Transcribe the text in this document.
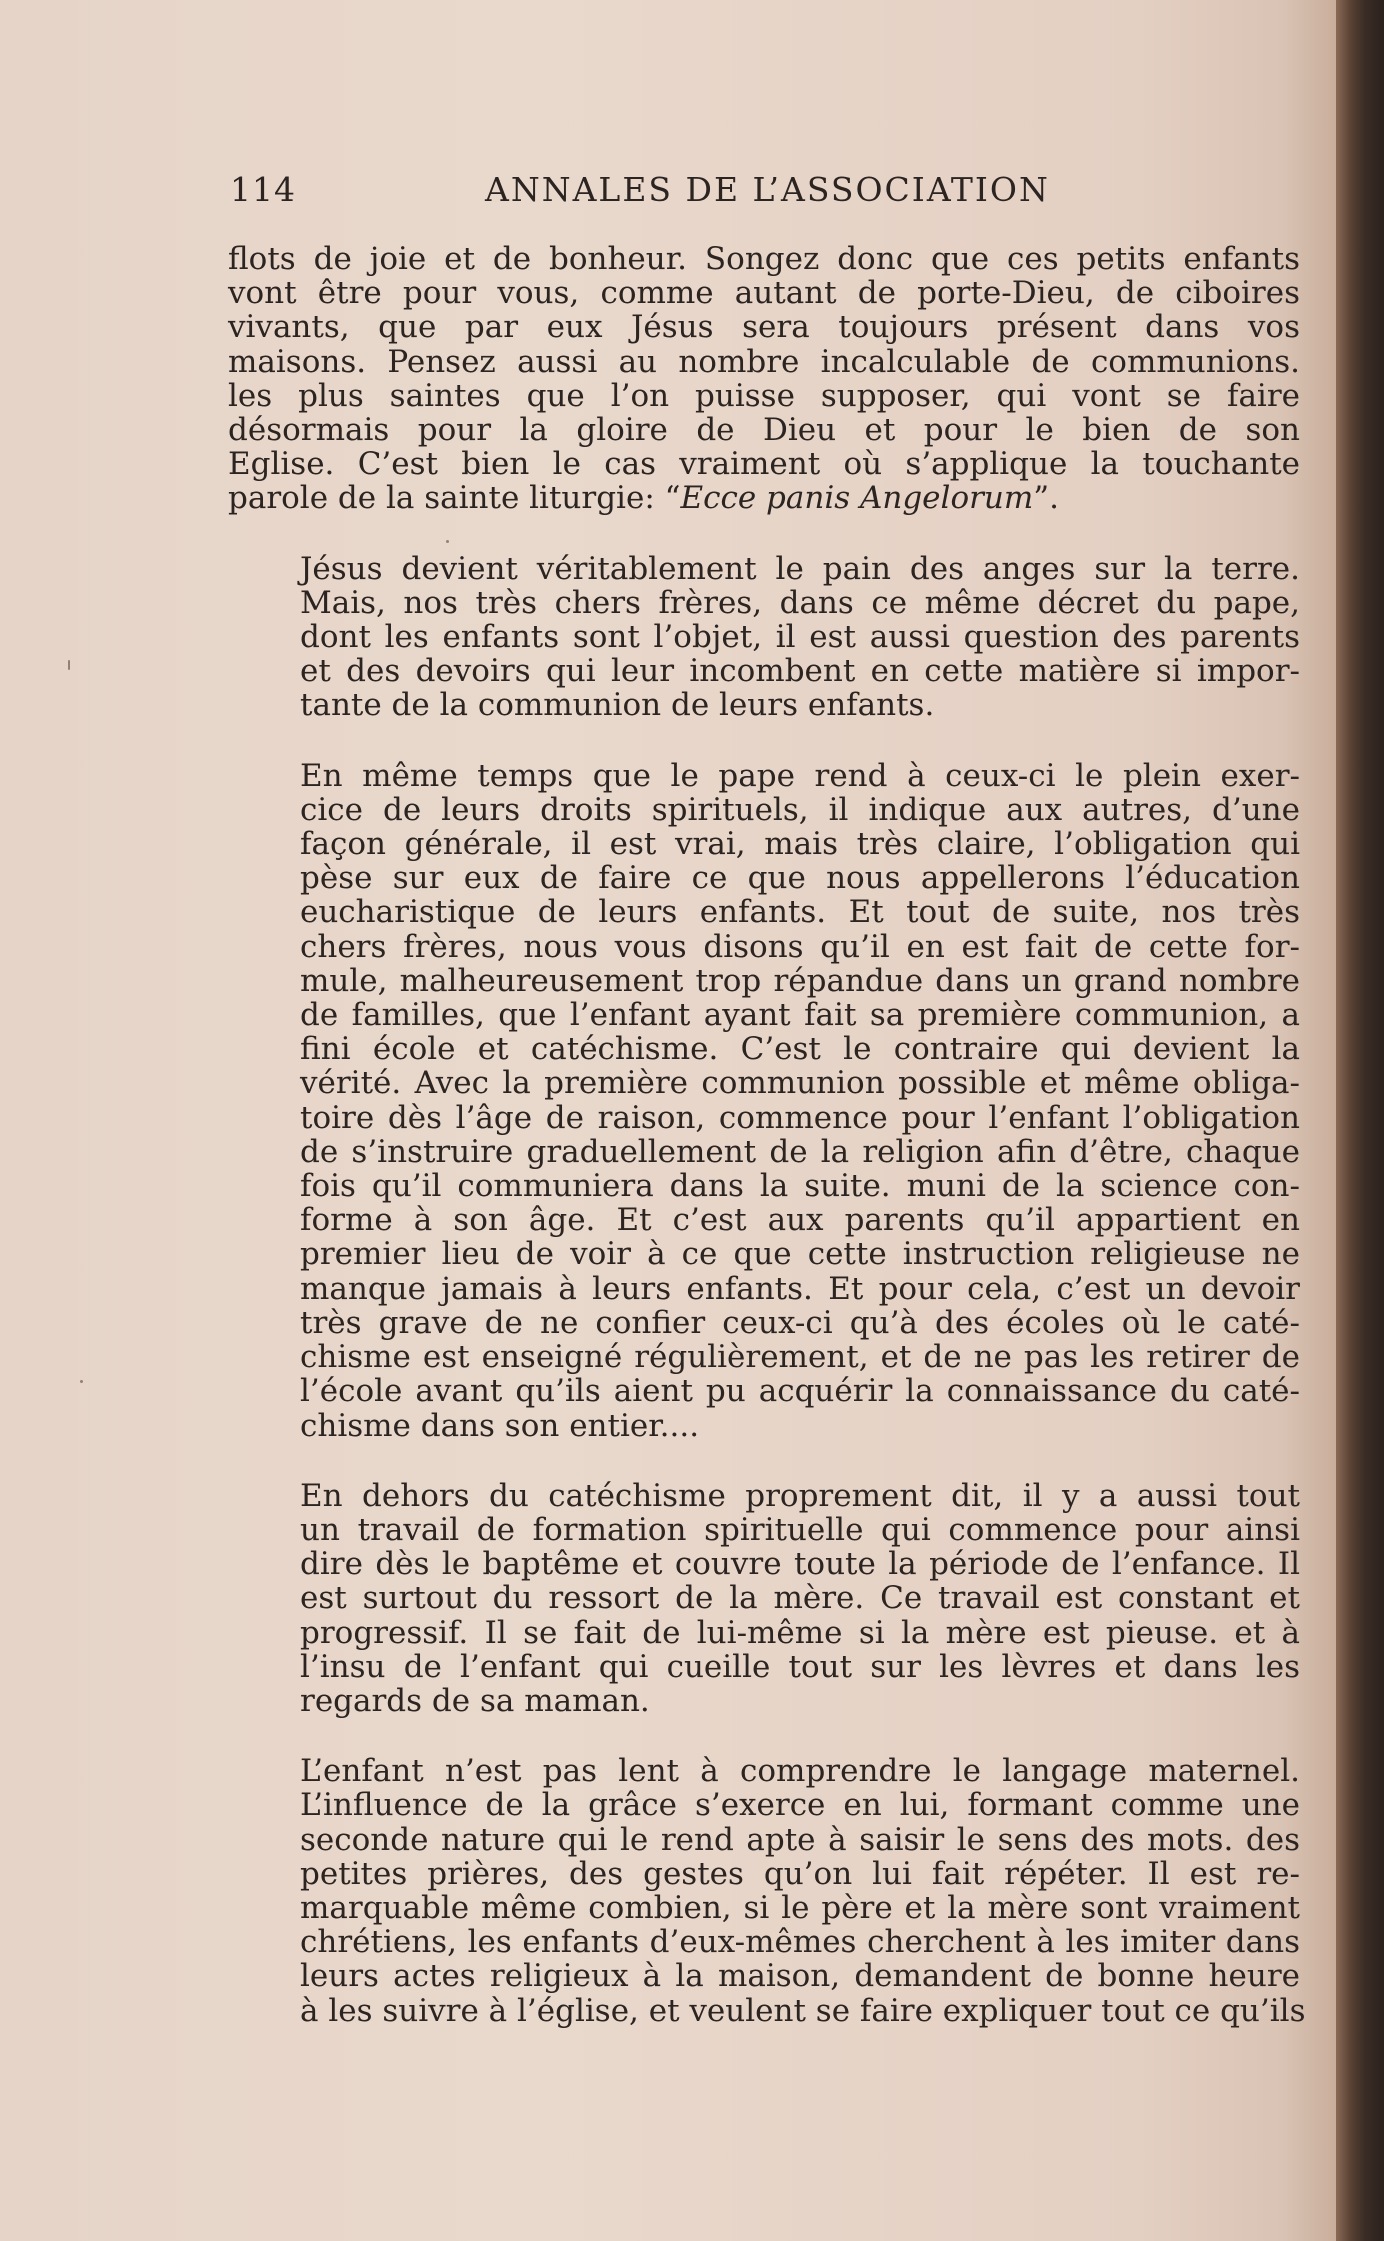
114	ANNALES DE L’ASSOCIATION

flots de joie et de bonheur. Songez donc que ces petits enfants
vont être pour vous, comme autant de porte-Dieu, de ciboires
vivants, que par eux Jésus sera toujours présent dans vos
maisons. Pensez aussi au nombre incalculable de communions.
les plus saintes que l’on puisse supposer, qui vont se faire
désormais pour la gloire de Dieu et pour le bien de son
Eglise. C’est bien le cas vraiment où s’applique la touchante
parole de la sainte liturgie: “Ecce panis Angelorum”.

Jésus devient véritablement le pain des anges sur la terre.
Mais, nos très chers frères, dans ce même décret du pape,
dont les enfants sont l’objet, il est aussi question des parents
et des devoirs qui leur incombent en cette matière si impor-
tante de la communion de leurs enfants.

En même temps que le pape rend à ceux-ci le plein exer-
cice de leurs droits spirituels, il indique aux autres, d’une
façon générale, il est vrai, mais très claire, l’obligation qui
pèse sur eux de faire ce que nous appellerons l’éducation
eucharistique de leurs enfants. Et tout de suite, nos très
chers frères, nous vous disons qu’il en est fait de cette for-
mule, malheureusement trop répandue dans un grand nombre
de familles, que l’enfant ayant fait sa première communion, a
fini école et catéchisme. C’est le contraire qui devient la
vérité. Avec la première communion possible et même obliga-
toire dès l’âge de raison, commence pour l’enfant l’obligation
de s’instruire graduellement de la religion afin d’être, chaque
fois qu’il communiera dans la suite. muni de la science con-
forme à son âge. Et c’est aux parents qu’il appartient en
premier lieu de voir à ce que cette instruction religieuse ne
manque jamais à leurs enfants. Et pour cela, c’est un devoir
très grave de ne confier ceux-ci qu’à des écoles où le caté-
chisme est enseigné régulièrement, et de ne pas les retirer de
l’école avant qu’ils aient pu acquérir la connaissance du caté-
chisme dans son entier....

En dehors du catéchisme proprement dit, il y a aussi tout
un travail de formation spirituelle qui commence pour ainsi
dire dès le baptême et couvre toute la période de l’enfance. Il
est surtout du ressort de la mère. Ce travail est constant et
progressif. Il se fait de lui-même si la mère est pieuse. et à
l’insu de l’enfant qui cueille tout sur les lèvres et dans les
regards de sa maman.

L’enfant n’est pas lent à comprendre le langage maternel.
L’influence de la grâce s’exerce en lui, formant comme une
seconde nature qui le rend apte à saisir le sens des mots. des
petites prières, des gestes qu’on lui fait répéter. Il est re-
marquable même combien, si le père et la mère sont vraiment
chrétiens, les enfants d’eux-mêmes cherchent à les imiter dans
leurs actes religieux à la maison, demandent de bonne heure
à les suivre à l’église, et veulent se faire expliquer tout ce qu’ils
